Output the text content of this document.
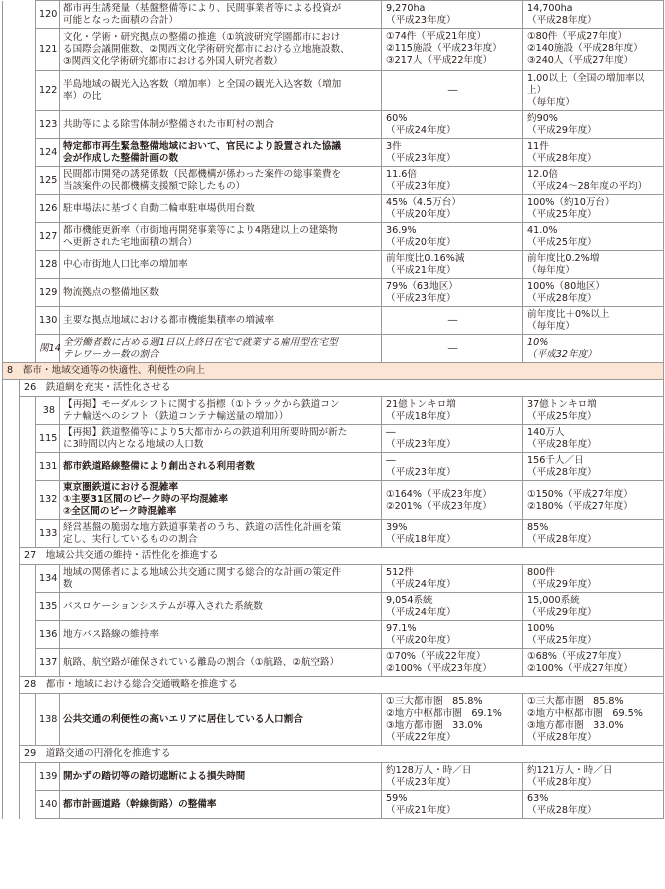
		120	都市再生誘発量（基盤整備等により、民間事業者等による投資が
可能となった面積の合計）	9,270ha
（平成23年度）	14,700ha
（平成28年度）

		121	文化・学術・研究拠点の整備の推進（①筑波研究学園都市におけ
る国際会議開催数、②関西文化学術研究都市における立地施設数、
③関西文化学術研究都市における外国人研究者数）	①74件（平成21年度）
②115施設（平成23年度）
③217人（平成22年度）	①80件（平成27年度）
②140施設（平成28年度）
③240人（平成27年度）

		122	半島地域の観光入込客数（増加率）と全国の観光入込客数（増加
率）の比	―	1.00以上（全国の増加率以
上）
（毎年度）

		123	共助等による除雪体制が整備された市町村の割合	60%
（平成24年度）	約90%
（平成29年度）

		124	特定都市再生緊急整備地域において、官民により設置された協議
会が作成した整備計画の数	3件
（平成23年度）	11件
（平成28年度）

		125	民間都市開発の誘発係数（民都機構が係わった案件の総事業費を
当該案件の民都機構支援額で除したもの）	11.6倍
（平成23年度）	12.0倍
（平成24～28年度の平均）

		126	駐車場法に基づく自動二輪車駐車場供用台数	45%（4.5万台）
（平成20年度）	100%（約10万台）
（平成25年度）

		127	都市機能更新率（市街地再開発事業等により4階建以上の建築物
へ更新された宅地面積の割合）	36.9%
（平成20年度）	41.0%
（平成25年度）

		128	中心市街地人口比率の増加率	前年度比0.16%減
（平成21年度）	前年度比0.2%増
（毎年度）

		129	物流拠点の整備地区数	79%（63地区）
（平成23年度）	100%（80地区）
（平成28年度）

		130	主要な拠点地域における都市機能集積率の増減率	―	前年度比＋0%以上
（毎年度）

		関14	全労働者数に占める週1日以上終日在宅で就業する雇用型在宅型
テレワーカー数の割合	―	10%
（平成32年度）

8　都市・地域交通等の快適性、利便性の向上					
	26　鉄道網を充実・活性化させる				
		38	【再掲】モーダルシフトに関する指標（①トラックから鉄道コン
テナ輸送へのシフト（鉄道コンテナ輸送量の増加））	21億トンキロ増
（平成18年度）	37億トンキロ増
（平成25年度）

		115	【再掲】鉄道整備等により5大都市からの鉄道利用所要時間が新た
に3時間以内となる地域の人口数	―
（平成23年度）	140万人
（平成28年度）

		131	都市鉄道路線整備により創出される利用者数	―
（平成23年度）	156千人／日
（平成28年度）

		132	東京圏鉄道における混雑率
①主要31区間のピーク時の平均混雑率
②全区間のピーク時混雑率	①164%（平成23年度）
②201%（平成23年度）	①150%（平成27年度）
②180%（平成27年度）

		133	経営基盤の脆弱な地方鉄道事業者のうち、鉄道の活性化計画を策
定し、実行しているものの割合	39%
（平成18年度）	85%
（平成28年度）

	27　地域公共交通の維持・活性化を推進する				
		134	地域の関係者による地域公共交通に関する総合的な計画の策定件
数	512件
（平成24年度）	800件
（平成29年度）

		135	バスロケーションシステムが導入された系統数	9,054系統
（平成24年度）	15,000系統
（平成29年度）

		136	地方バス路線の維持率	97.1%
（平成20年度）	100%
（平成25年度）

		137	航路、航空路が確保されている離島の割合（①航路、②航空路）	①70%（平成22年度）
②100%（平成23年度）	①68%（平成27年度）
②100%（平成27年度）

	28　都市・地域における総合交通戦略を推進する				
		138	公共交通の利便性の高いエリアに居住している人口割合	①三大都市圏　85.8%
②地方中枢都市圏　69.1%
③地方都市圏　33.0%
（平成22年度）	①三大都市圏　85.8%
②地方中枢都市圏　69.5%
③地方都市圏　33.0%
（平成28年度）

	29　道路交通の円滑化を推進する				
		139	開かずの踏切等の踏切遮断による損失時間	約128万人・時／日
（平成23年度）	約121万人・時／日
（平成28年度）

		140	都市計画道路（幹線街路）の整備率	59%
（平成21年度）	63%
（平成28年度）
